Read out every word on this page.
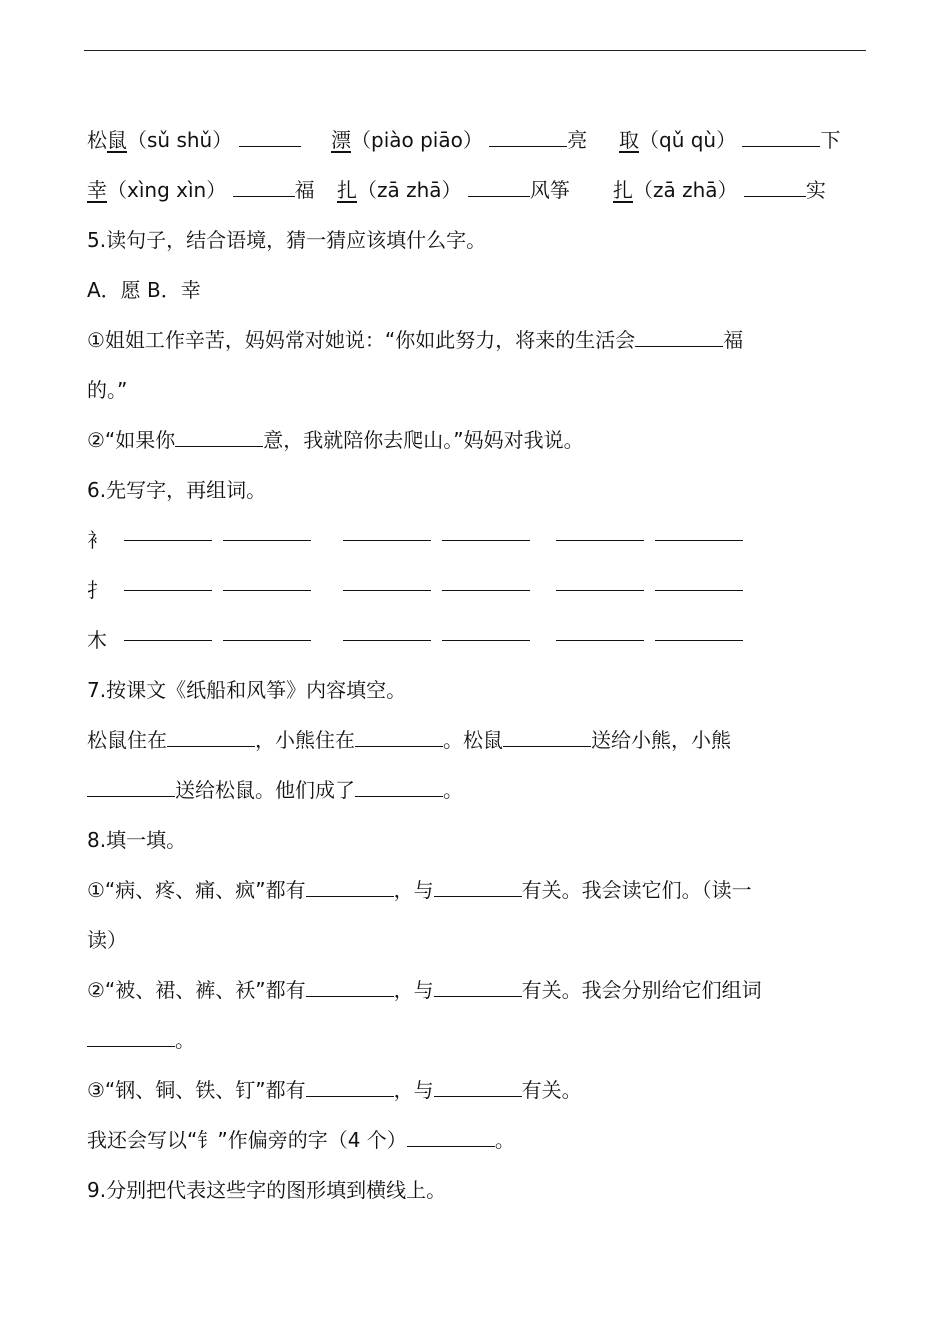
松鼠（sǔ shǔ）	漂（piào piāo）	亮 取（qǔ qù）	下
幸（xìng xìn）	福 扎（zā zhā）	风筝 扎（zā zhā）	实
5.读句子，结合语境，猜一猜应该填什么字。
A．愿 B．幸
①姐姐工作辛苦，妈妈常对她说：“你如此努力，将来的生活会	福
的。”
②“如果你	意，我就陪你去爬山。”妈妈对我说。
6.先写字，再组词。
衤
扌
木
7.按课文《纸船和风筝》内容填空。
松鼠住在	，小熊住在	。松鼠	送给小熊，小熊
送给松鼠。他们成了	。
8.填一填。
①“病、疼、痛、疯”都有	，与	有关。我会读它们。（读一
读）
②“被、裙、裤、袄”都有	，与	有关。我会分别给它们组词
。
③“钢、铜、铁、钉”都有	，与	有关。
我还会写以“钅”作偏旁的字（4 个）	。
9.分别把代表这些字的图形填到横线上。
